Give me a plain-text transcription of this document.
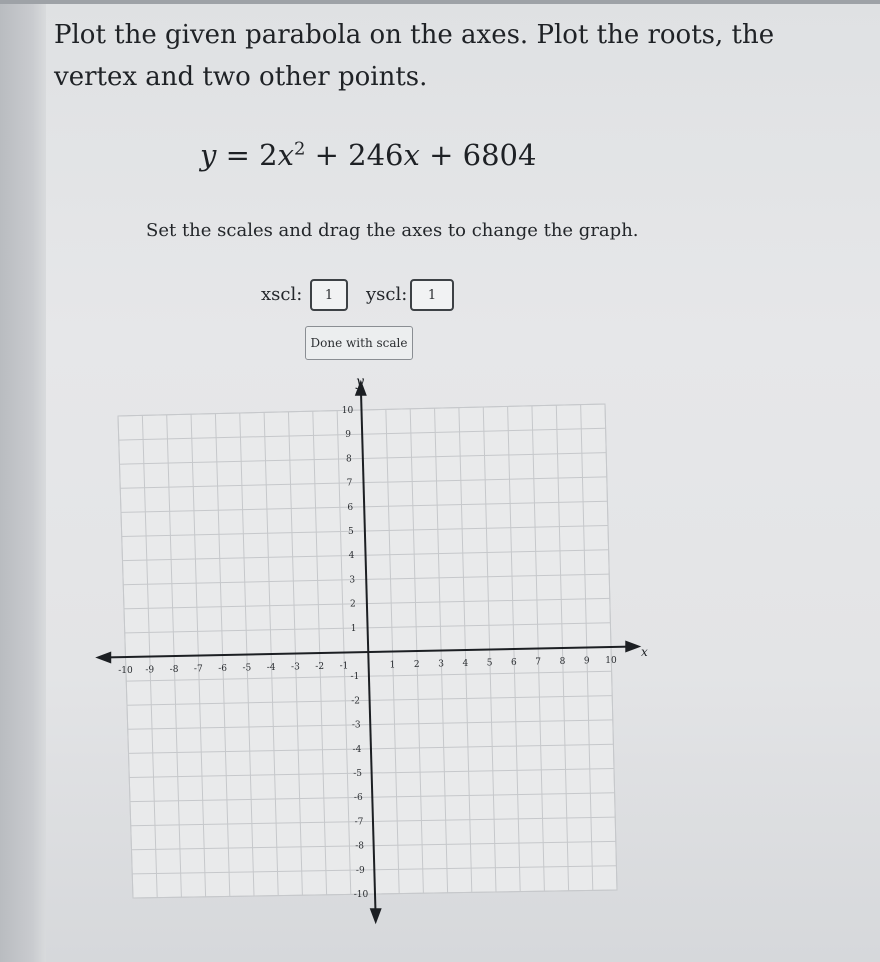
Plot the given parabola on the axes. Plot the roots, the vertex and two other points.

$y = 2x^2 + 246x + 6804$
Set the scales and drag the axes to change the graph.
xscl:
1	yscl:
1
Done with scale
-10 -9 -8 -7 -6 -5 -4 -3 -2 -1	1 2 3 4 5 6 7 8 9 10
10
9
8
7
6
5
4
3
2
1
-1
-2
-3
-4
-5
-6
-7
-8
-9
-10
x
y
